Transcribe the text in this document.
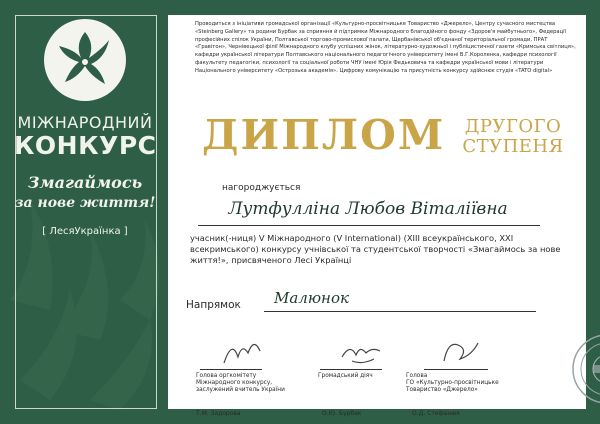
МІЖНАРОДНИЙ
КОНКУРС
Змагаймось
за нове життя!
[ ЛесяУкраїнка ]
Проводиться з ініціативи громадської організації «Культурно-просвітницьке Товариство «Джерело», Центру сучасного мистецтва «Steinberg Gallery» та родини Бурбак за сприяння й підтримки Міжнародного благодійного фонду «Здоров'я майбутнього», Федерації професійних спілок України, Полтавської торгово-промислової палати, Щербанівської об'єднаної територіальної громади, ПРАТ «Гравітон», Чернівецької філії Міжнародного клубу успішних жінок, літературно-художньої і публіцистичної газети «Кримська світлиця», кафедри української літератури Полтавського національного педагогічного університету імені В.Г.Короленка, кафедри психології факультету педагогіки, психології та соціальної роботи ЧНУ імені Юрія Федьковича та кафедри української мови і літератури Національного університету «Острозька академія». Цифрову комунікацію та присутність конкурсу здійснює студія «TATO digital»
ДИПЛОМ	ДРУГОГО
СТУПЕНЯ
нагороджується
Лутфулліна Любов Віталіївна
учасник(-ниця) V Міжнародного (V International) (XIII всеукраїнського, XXI всекримського) конкурсу учнівської та студентської творчості «Змагаймось за нове життя!», присвяченого Лесі Українці
Напрямок Малюнок
Голова оргкомітету
Міжнародного конкурсу,
заслужений вчитель України
Т.М. Задорова
Громадський діяч
О.Ю. Бурбак
Голова
ГО «Культурно-просвітницьке
Товариство «Джерело»
О.Д. Стефанюк
